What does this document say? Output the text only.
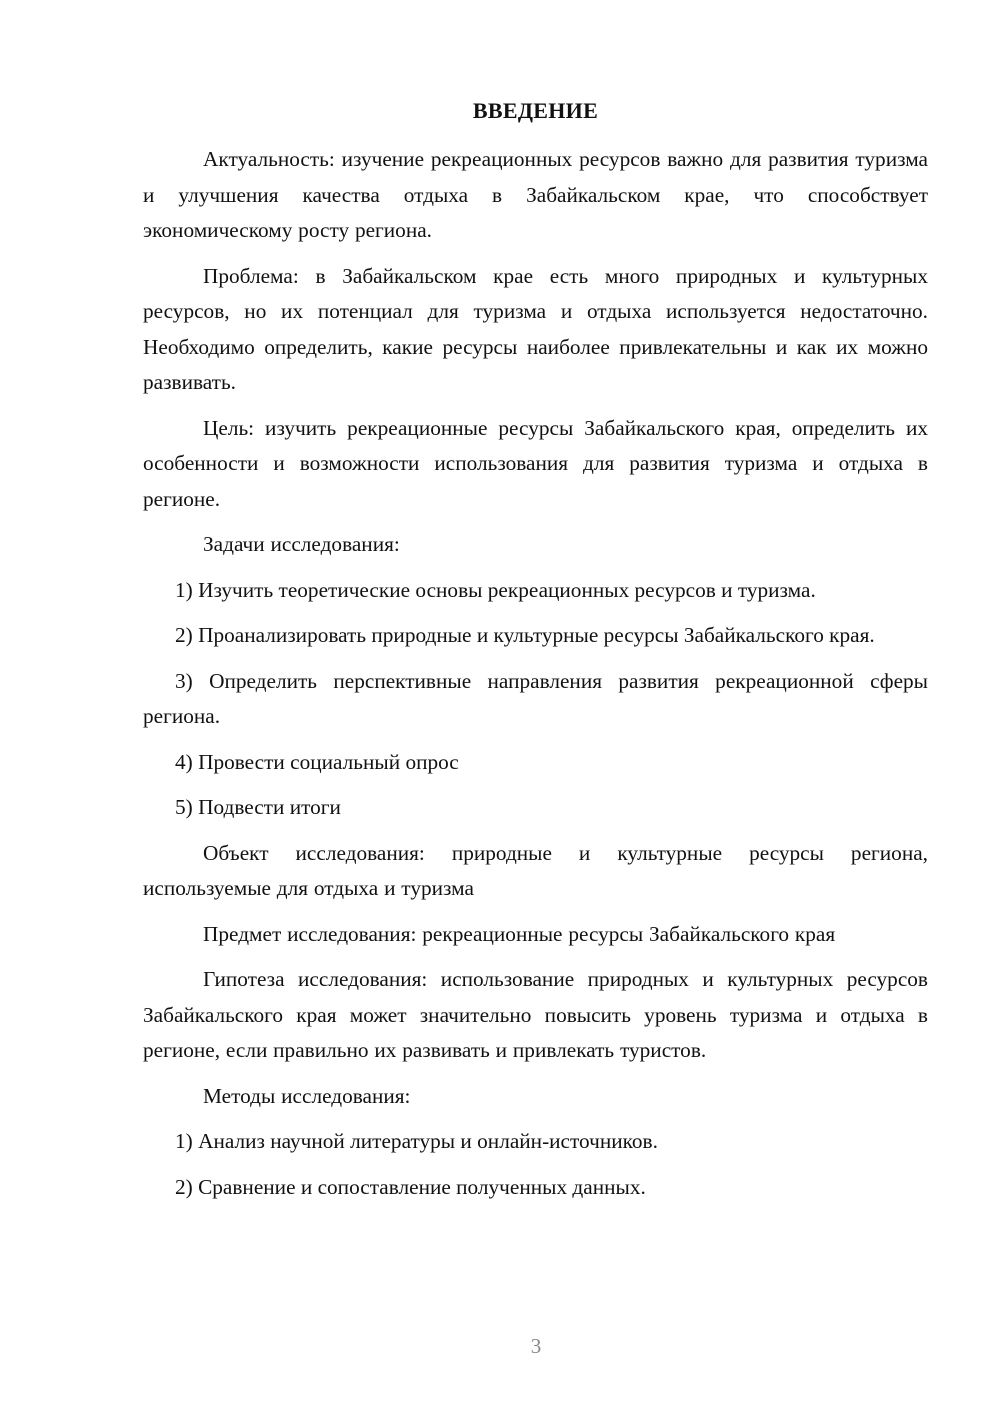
ВВЕДЕНИЕ

Актуальность: изучение рекреационных ресурсов важно для развития туризма и улучшения качества отдыха в Забайкальском крае, что способствует экономическому росту региона.

Проблема: в Забайкальском крае есть много природных и культурных ресурсов, но их потенциал для туризма и отдыха используется недостаточно. Необходимо определить, какие ресурсы наиболее привлекательны и как их можно развивать.

Цель: изучить рекреационные ресурсы Забайкальского края, определить их особенности и возможности использования для развития туризма и отдыха в регионе.

Задачи исследования:

1) Изучить теоретические основы рекреационных ресурсов и туризма.

2) Проанализировать природные и культурные ресурсы Забайкальского края.

3) Определить перспективные направления развития рекреационной сферы региона.

4) Провести социальный опрос

5) Подвести итоги

Объект исследования: природные и культурные ресурсы региона, используемые для отдыха и туризма

Предмет исследования: рекреационные ресурсы Забайкальского края

Гипотеза исследования: использование природных и культурных ресурсов Забайкальского края может значительно повысить уровень туризма и отдыха в регионе, если правильно их развивать и привлекать туристов.

Методы исследования:

1) Анализ научной литературы и онлайн-источников.

2) Сравнение и сопоставление полученных данных.

3
